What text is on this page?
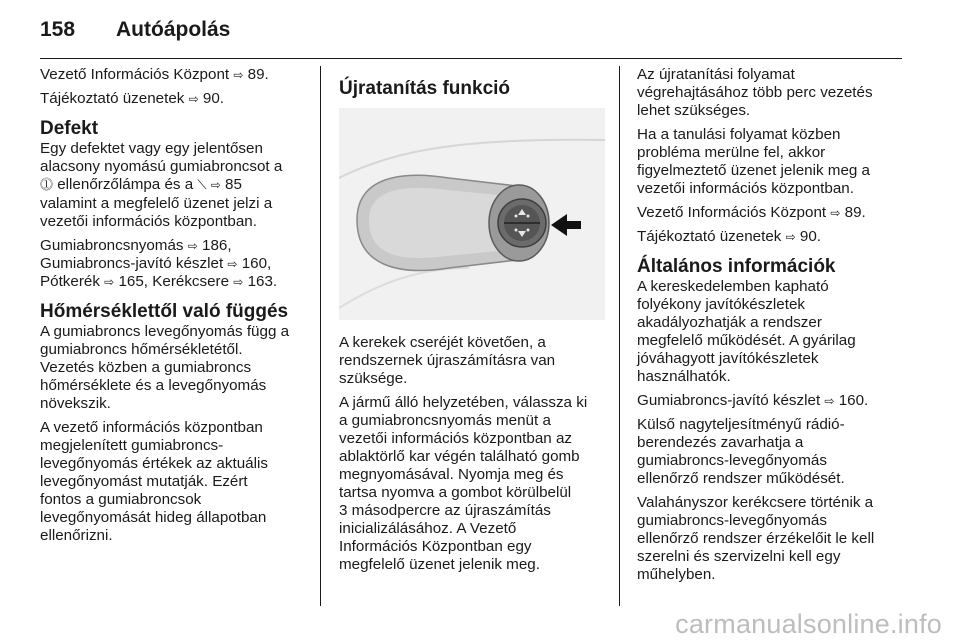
158	Autóápolás

Vezető Információs Központ ⇨ 89.

Tájékoztató üzenetek ⇨ 90.

Defekt

Egy defektet vagy egy jelentősen
alacsony nyomású gumiabroncsot a
⓵ ellenőrzőlámpa és a ⟍ ⇨ 85
valamint a megfelelő üzenet jelzi a
vezetői információs központban.

Gumiabroncsnyomás ⇨ 186,
Gumiabroncs-javító készlet ⇨ 160,
Pótkerék ⇨ 165, Kerékcsere ⇨ 163.

Hőmérséklettől való függés

A gumiabroncs levegőnyomás függ a
gumiabroncs hőmérsékletétől.
Vezetés közben a gumiabroncs
hőmérséklete és a levegőnyomás
növekszik.

A vezető információs központban
megjelenített gumiabroncs-
levegőnyomás értékek az aktuális
levegőnyomást mutatják. Ezért
fontos a gumiabroncsok
levegőnyomását hideg állapotban
ellenőrizni.

Újratanítás funkció

A kerekek cseréjét követően, a
rendszernek újraszámításra van
szüksége.

A jármű álló helyzetében, válassza ki
a gumiabroncsnyomás menüt a
vezetői információs központban az
ablaktörlő kar végén található gomb
megnyomásával. Nyomja meg és
tartsa nyomva a gombot körülbelül
3 másodpercre az újraszámítás
inicializálásához. A Vezető
Információs Központban egy
megfelelő üzenet jelenik meg.

Az újratanítási folyamat
végrehajtásához több perc vezetés
lehet szükséges.

Ha a tanulási folyamat közben
probléma merülne fel, akkor
figyelmeztető üzenet jelenik meg a
vezetői információs központban.

Vezető Információs Központ ⇨ 89.

Tájékoztató üzenetek ⇨ 90.

Általános információk

A kereskedelemben kapható
folyékony javítókészletek
akadályozhatják a rendszer
megfelelő működését. A gyárilag
jóváhagyott javítókészletek
használhatók.

Gumiabroncs-javító készlet ⇨ 160.

Külső nagyteljesítményű rádió-
berendezés zavarhatja a
gumiabroncs-levegőnyomás
ellenőrző rendszer működését.

Valahányszor kerékcsere történik a
gumiabroncs-levegőnyomás
ellenőrző rendszer érzékelőit le kell
szerelni és szervizelni kell egy
műhelyben.

carmanualsonline.info
